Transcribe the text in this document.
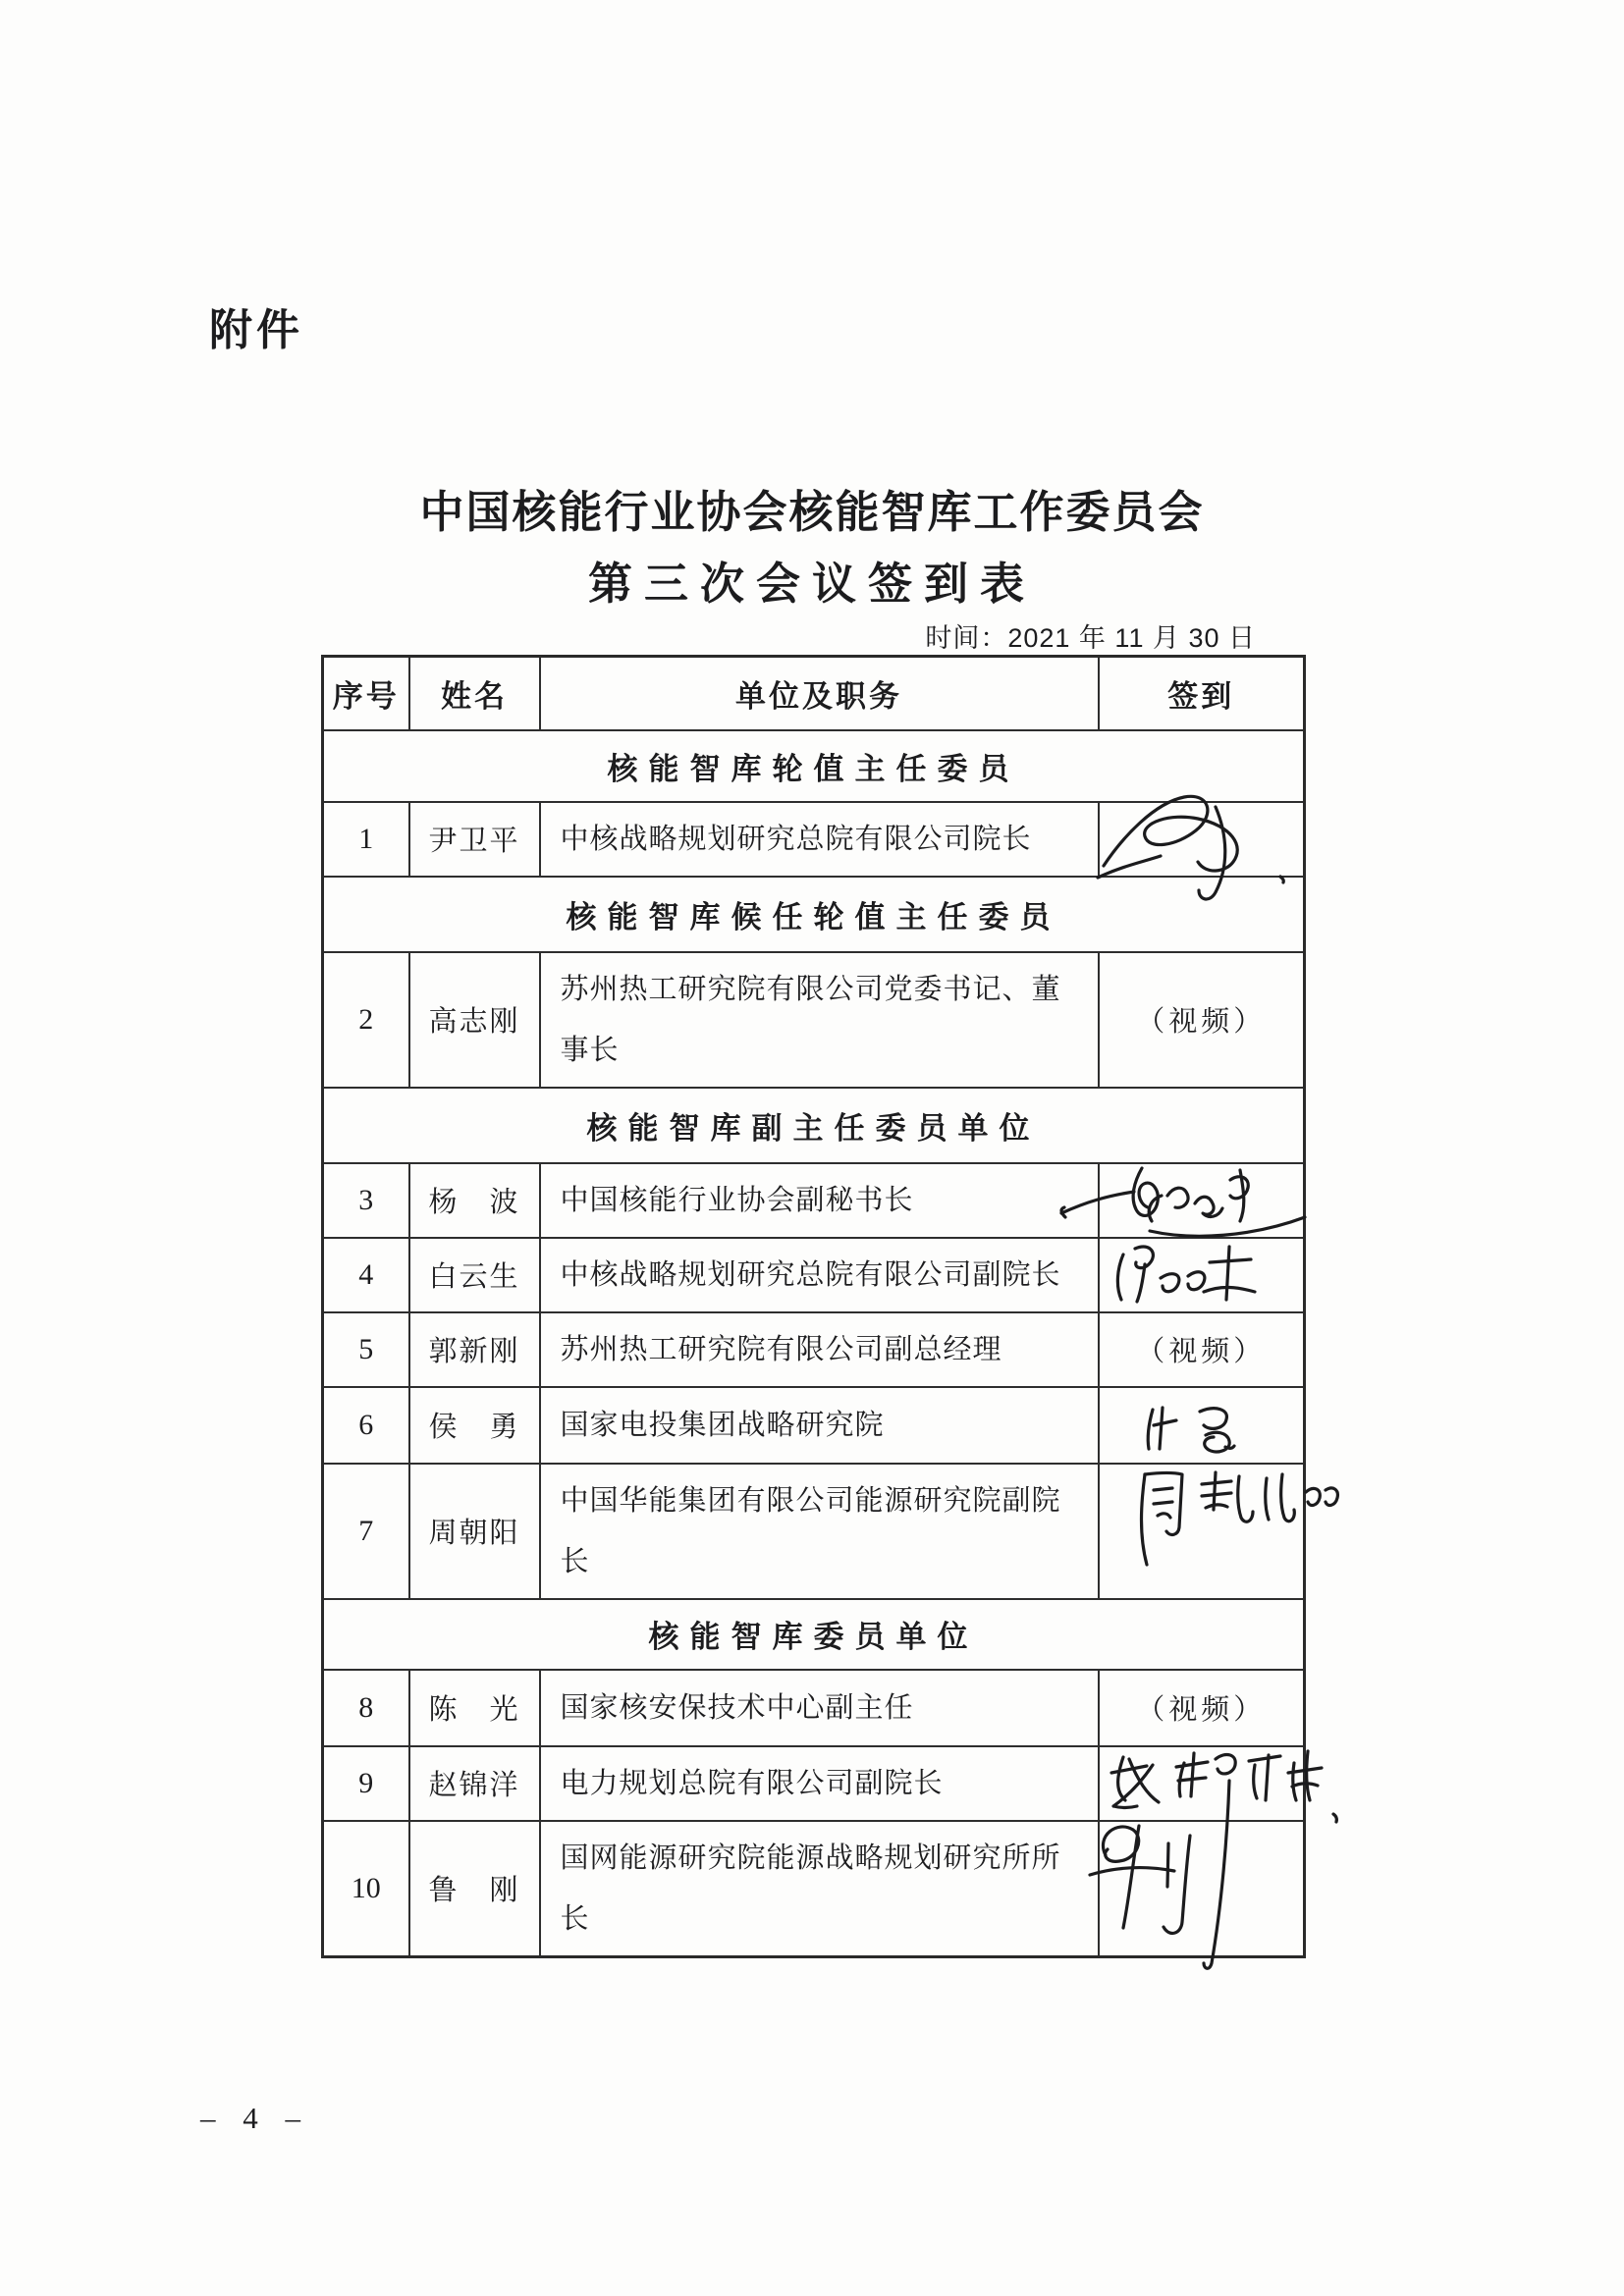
附件
中国核能行业协会核能智库工作委员会
第三次会议签到表
时间：2021 年 11 月 30 日
序号	姓名	单位及职务	签到
核能智库轮值主任委员			
1	尹卫平	中核战略规划研究总院有限公司院长	

核能智库候任轮值主任委员			
2	高志刚	苏州热工研究院有限公司党委书记、董事长	（视频）
核能智库副主任委员单位			
3	杨　波	中国核能行业协会副秘书长	

4	白云生	中核战略规划研究总院有限公司副院长	

5	郭新刚	苏州热工研究院有限公司副总经理	（视频）
6	侯　勇	国家电投集团战略研究院	

7	周朝阳	中国华能集团有限公司能源研究院副院长	

核能智库委员单位			
8	陈　光	国家核安保技术中心副主任	（视频）
9	赵锦洋	电力规划总院有限公司副院长	

10	鲁　刚	国网能源研究院能源战略规划研究所所长	
– 4 –
